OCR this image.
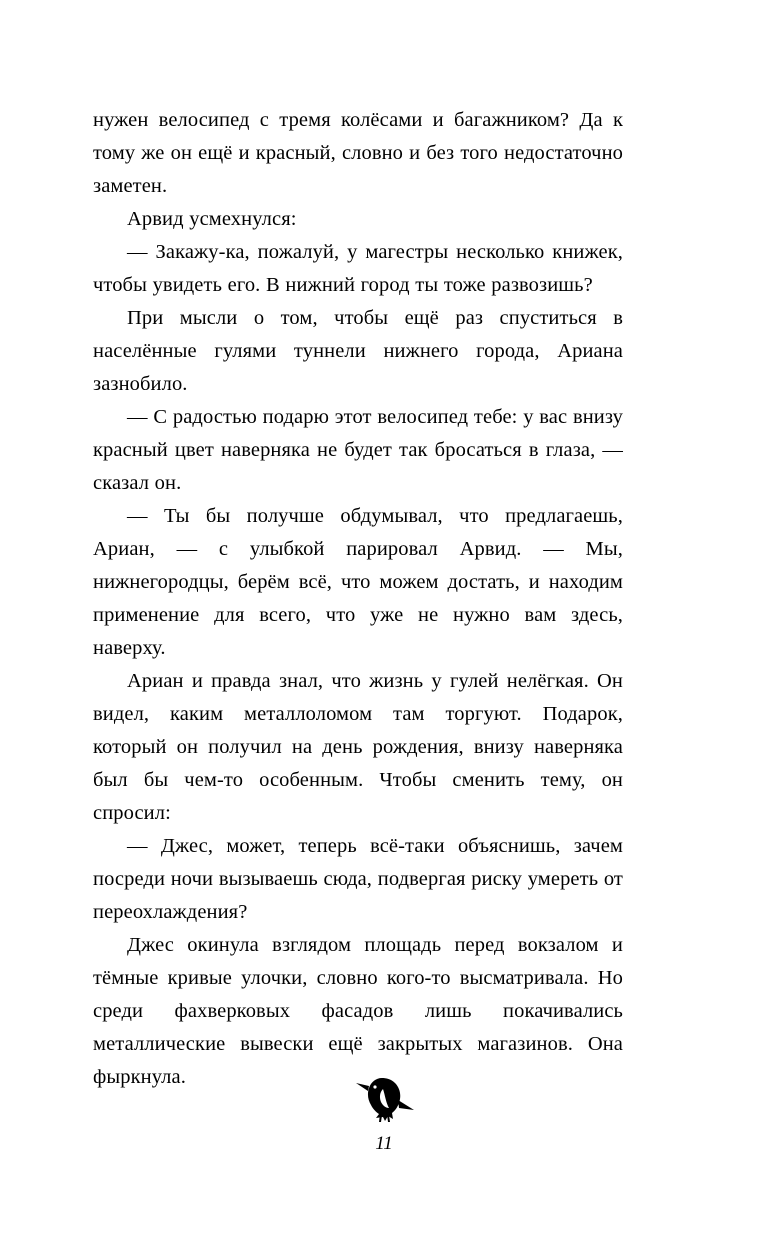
нужен велосипед с тремя колёсами и багажником? Да к тому же он ещё и красный, словно и без того недостаточно заметен.

Арвид усмехнулся:

— Закажу-ка, пожалуй, у магестры несколько книжек, чтобы увидеть его. В нижний город ты тоже развозишь?

При мысли о том, чтобы ещё раз спуститься в населённые гулями туннели нижнего города, Ариана зазнобило.

— С радостью подарю этот велосипед тебе: у вас внизу красный цвет наверняка не будет так бросаться в глаза, — сказал он.

— Ты бы получше обдумывал, что предлагаешь, Ариан, — с улыбкой парировал Арвид. — Мы, нижнегородцы, берём всё, что можем достать, и находим применение для всего, что уже не нужно вам здесь, наверху.

Ариан и правда знал, что жизнь у гулей нелёгкая. Он видел, каким металлоломом там торгуют. Подарок, который он получил на день рождения, внизу наверняка был бы чем-то особенным. Чтобы сменить тему, он спросил:

— Джес, может, теперь всё-таки объяснишь, зачем посреди ночи вызываешь сюда, подвергая риску умереть от переохлаждения?

Джес окинула взглядом площадь перед вокзалом и тёмные кривые улочки, словно кого-то высматривала. Но среди фахверковых фасадов лишь покачивались металлические вывески ещё закрытых магазинов. Она фыркнула.

11
